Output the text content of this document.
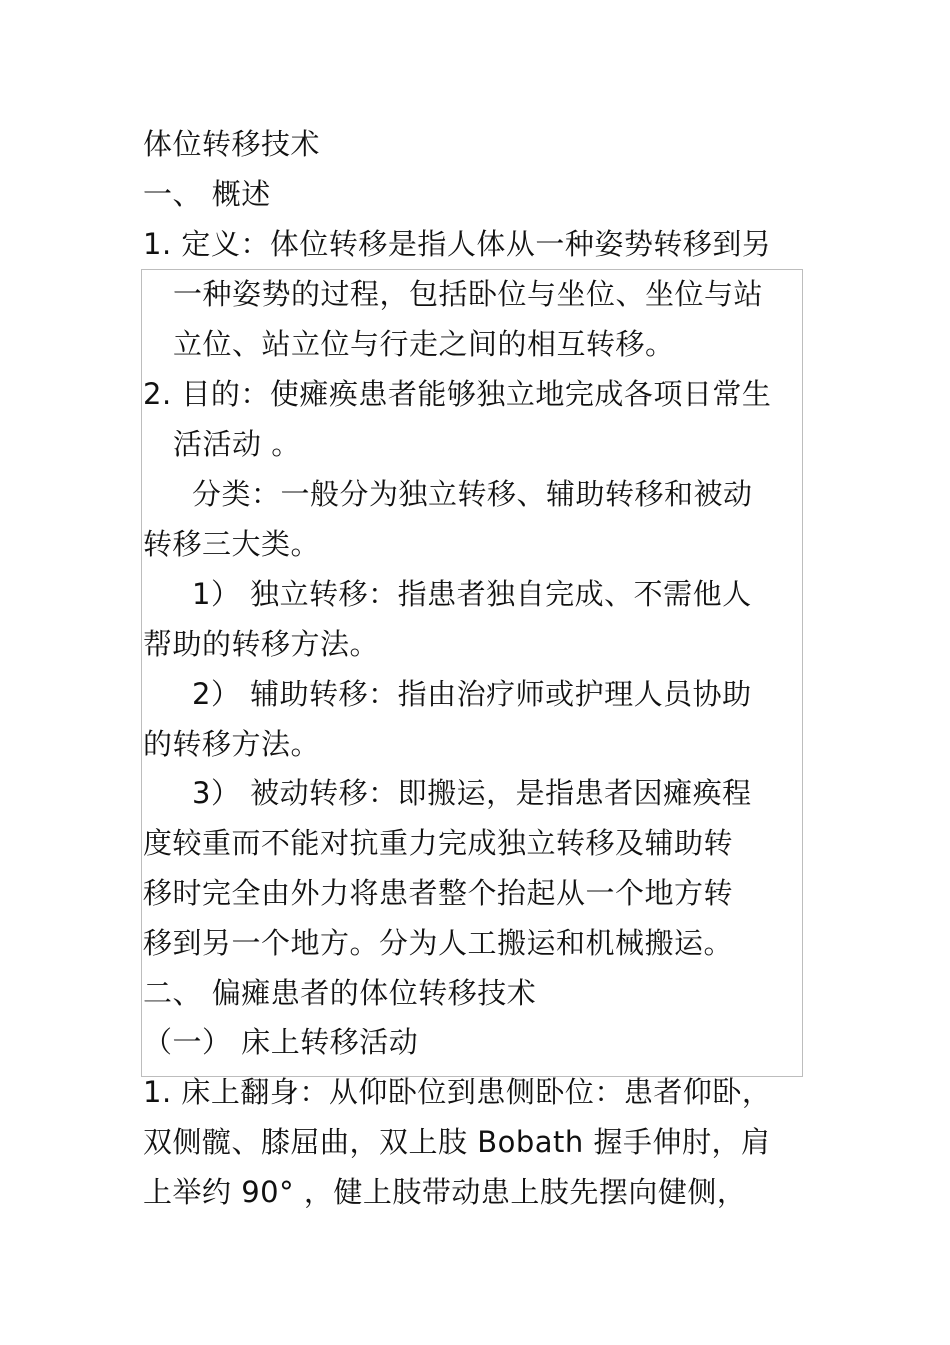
体位转移技术
一、 概述
1. 定义：体位转移是指人体从一种姿势转移到另
一种姿势的过程，包括卧位与坐位、坐位与站
立位、站立位与行走之间的相互转移。
2. 目的：使瘫痪患者能够独立地完成各项日常生
活活动 。
分类：一般分为独立转移、辅助转移和被动
转移三大类。
1） 独立转移：指患者独自完成、不需他人
帮助的转移方法。
2） 辅助转移：指由治疗师或护理人员协助
的转移方法。
3） 被动转移：即搬运，是指患者因瘫痪程
度较重而不能对抗重力完成独立转移及辅助转
移时完全由外力将患者整个抬起从一个地方转
移到另一个地方。分为人工搬运和机械搬运。
二、 偏瘫患者的体位转移技术
（一） 床上转移活动
1. 床上翻身：从仰卧位到患侧卧位：患者仰卧，
双侧髋、膝屈曲，双上肢 Bobath 握手伸肘，肩
上举约 90° ，健上肢带动患上肢先摆向健侧，
